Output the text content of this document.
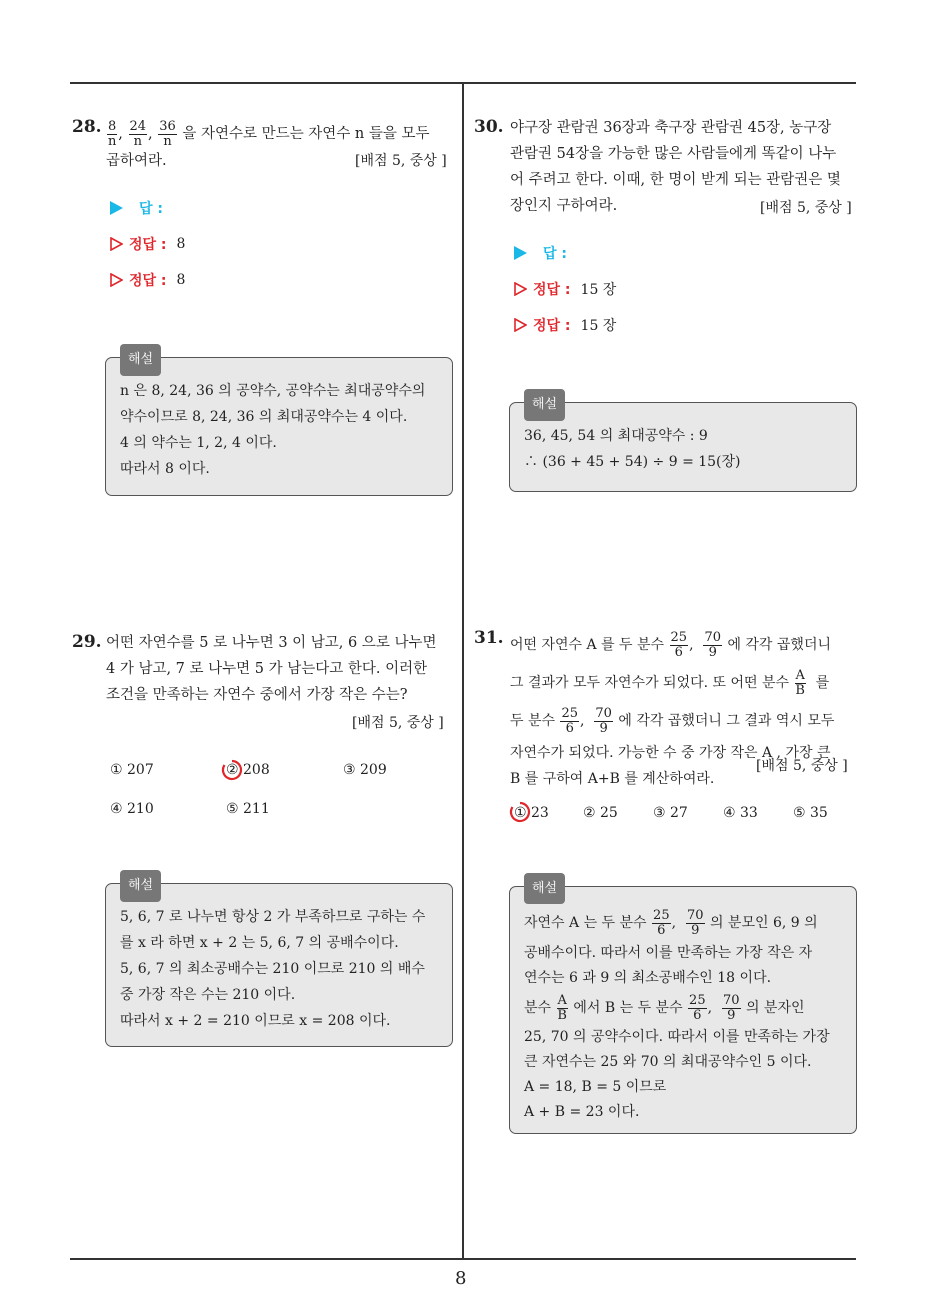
8
28. $\frac{8}{n}$ , $\frac{24}{n}$ , $\frac{36}{n}$
을 자연수로 만드는 자연수 n 들을 모두
곱하여라.	[배점 5, 중상 ]
답 :
정답 : 8
정답 : 8
해설
n 은 8, 24, 36 의 공약수, 공약수는 최대공약수의
약수이므로 8, 24, 36 의 최대공약수는 4 이다.
4 의 약수는 1, 2, 4 이다.
따라서 8 이다.
29. 어떤 자연수를 5 로 나누면 3 이 남고, 6 으로 나누면
4 가 남고, 7 로 나누면 5 가 남는다고 한다. 이러한
조건을 만족하는 자연수 중에서 가장 작은 수는?
[배점 5, 중상 ]
① 207	② 208	③ 209
④ 210	⑤ 211
해설
5, 6, 7 로 나누면 항상 2 가 부족하므로 구하는 수
를 x 라 하면 x + 2 는 5, 6, 7 의 공배수이다.
5, 6, 7 의 최소공배수는 210 이므로 210 의 배수
중 가장 작은 수는 210 이다.
따라서 x + 2 = 210 이므로 x = 208 이다.
30. 야구장 관람권 36장과 축구장 관람권 45장, 농구장
관람권 54장을 가능한 많은 사람들에게 똑같이 나누
어 주려고 한다. 이때, 한 명이 받게 되는 관람권은 몇
장인지 구하여라.	[배점 5, 중상 ]
답 :
정답 : 15 장
정답 : 15 장
해설
36, 45, 54 의 최대공약수 : 9
∴ (36 + 45 + 54) ÷ 9 = 15(장)
31. 어떤 자연수 A 를 두 분수
$\frac{25}{6}$ , $\frac{70}{9}$
에 각각 곱했더니
그 결과가 모두 자연수가 되었다. 또 어떤 분수
$\frac{A}{B}$
를
두 분수
$\frac{25}{6}$ , $\frac{70}{9}$
에 각각 곱했더니 그 결과 역시 모두
자연수가 되었다. 가능한 수 중 가장 작은 A , 가장 큰
B 를 구하여 A+B 를 계산하여라.
[배점 5, 중상 ]
① 23 ② 25	③ 27	④ 33	⑤ 35
해설
자연수 A 는 두 분수
$\frac{25}{6}$ , $\frac{70}{9}$
의 분모인 6, 9 의
공배수이다. 따라서 이를 만족하는 가장 작은 자
연수는 6 과 9 의 최소공배수인 18 이다.
분수
$\frac{A}{B}$
에서 B 는 두 분수
$\frac{25}{6}$ , $\frac{70}{9}$
의 분자인
25, 70 의 공약수이다. 따라서 이를 만족하는 가장
큰 자연수는 25 와 70 의 최대공약수인 5 이다.
A = 18, B = 5 이므로
A + B = 23 이다.
